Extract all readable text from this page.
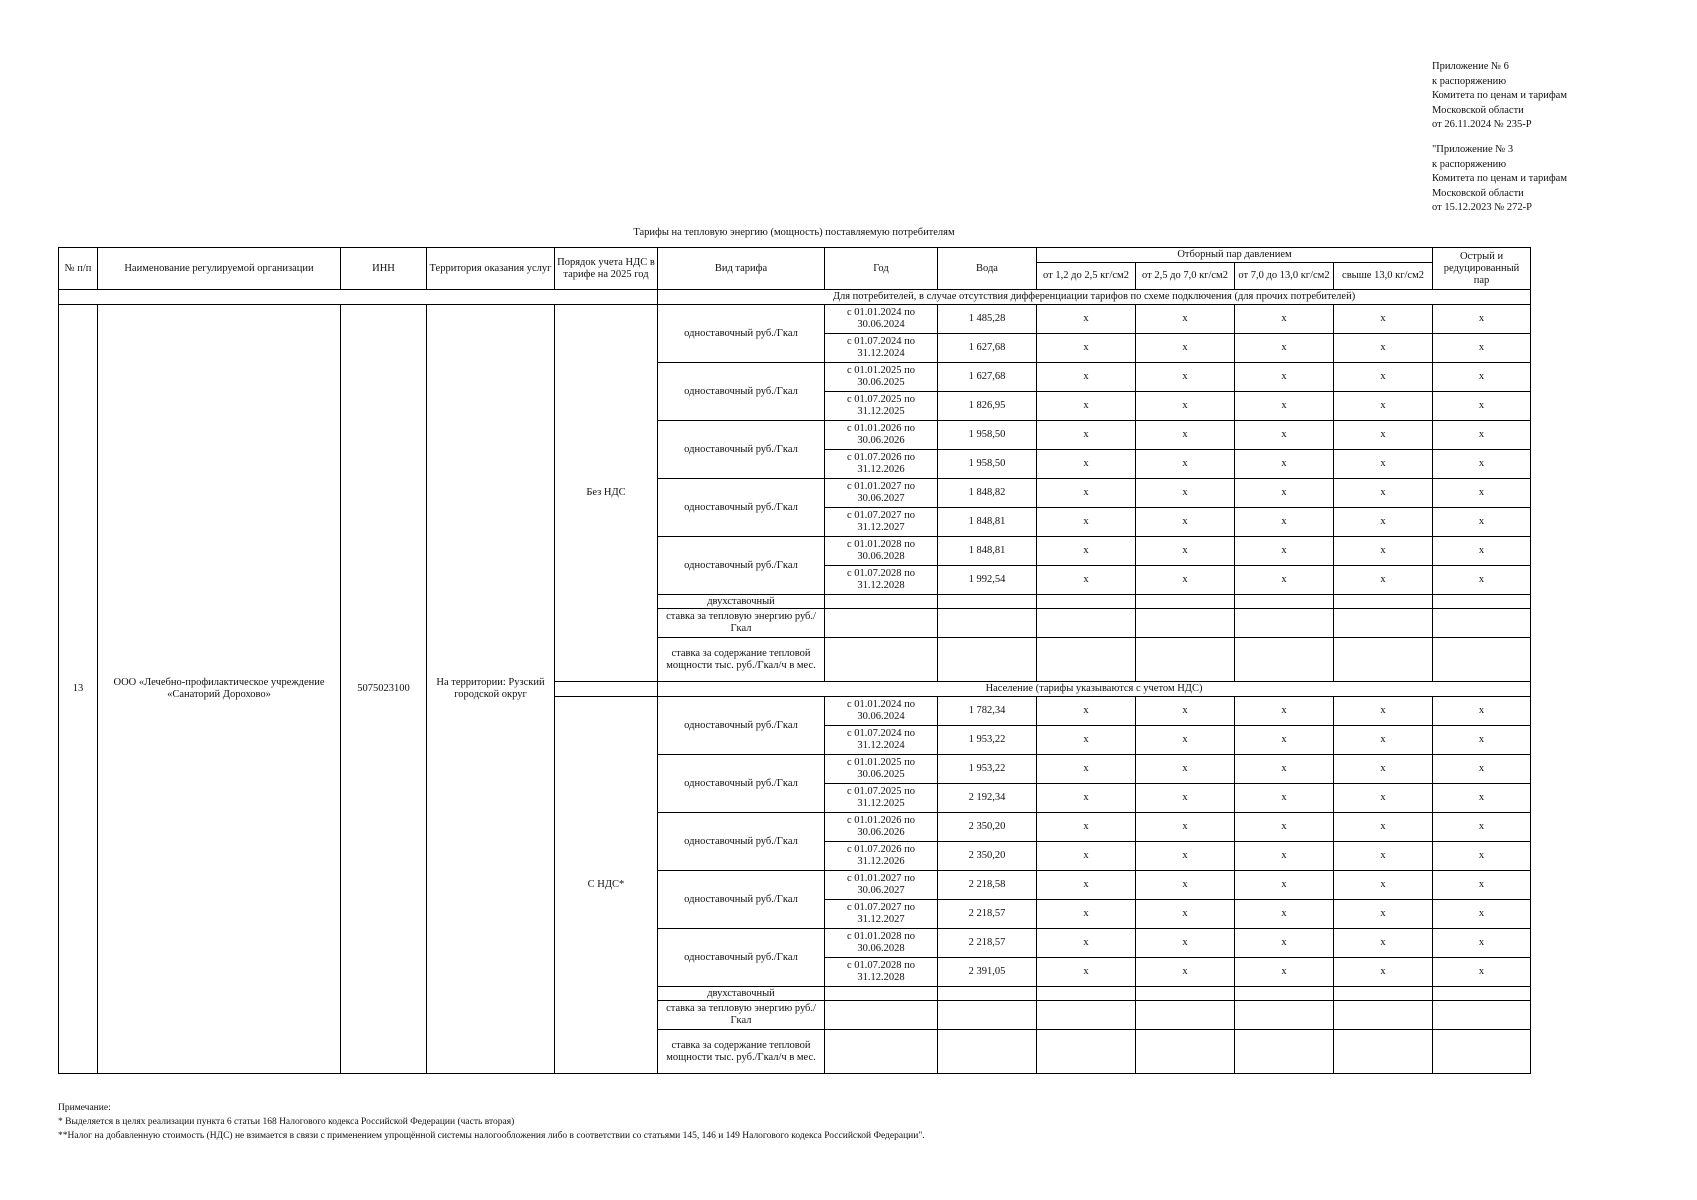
Приложение № 6
к распоряжению
Комитета по ценам и тарифам
Московской области
от 26.11.2024 № 235-Р
"Приложение № 3
к распоряжению
Комитета по ценам и тарифам
Московской области
от 15.12.2023 № 272-Р
Тарифы на тепловую энергию (мощность) поставляемую потребителям
№ п/п	Наименование регулируемой организации	ИНН	Территория оказания услуг	Порядок учета НДС в тарифе на 2025 год	Вид тарифа	Год	Вода	Отборный пар давлением				Острый и редуцированный пар
								от 1,2 до 2,5 кг/см2	от 2,5 до 7,0 кг/см2	от 7,0 до 13,0 кг/см2	свыше 13,0 кг/см2	
					Для потребителей, в случае отсутствия дифференциации тарифов по схеме подключения (для прочих потребителей)							
13	ООО «Лечебно-профилактическое учреждение «Санаторий Дорохово»	5075023100	На территории: Рузский городской округ	Без НДС	одноставочный руб./Гкал	с 01.01.2024 по 30.06.2024	1 485,28	x	x	x	x	x
						с 01.07.2024 по 31.12.2024	1 627,68	x	x	x	x	x
					одноставочный руб./Гкал	с 01.01.2025 по 30.06.2025	1 627,68	x	x	x	x	x
						с 01.07.2025 по 31.12.2025	1 826,95	x	x	x	x	x
					одноставочный руб./Гкал	с 01.01.2026 по 30.06.2026	1 958,50	x	x	x	x	x
						с 01.07.2026 по 31.12.2026	1 958,50	x	x	x	x	x
					одноставочный руб./Гкал	с 01.01.2027 по 30.06.2027	1 848,82	x	x	x	x	x
						с 01.07.2027 по 31.12.2027	1 848,81	x	x	x	x	x
					одноставочный руб./Гкал	с 01.01.2028 по 30.06.2028	1 848,81	x	x	x	x	x
						с 01.07.2028 по 31.12.2028	1 992,54	x	x	x	x	x
					двухставочный							
					ставка за тепловую энергию руб./Гкал							
					ставка за содержание тепловой мощности тыс. руб./Гкал/ч в мес.							
					Население (тарифы указываются с учетом НДС)							
				С НДС*	одноставочный руб./Гкал	с 01.01.2024 по 30.06.2024	1 782,34	x	x	x	x	x
						с 01.07.2024 по 31.12.2024	1 953,22	x	x	x	x	x
					одноставочный руб./Гкал	с 01.01.2025 по 30.06.2025	1 953,22	x	x	x	x	x
						с 01.07.2025 по 31.12.2025	2 192,34	x	x	x	x	x
					одноставочный руб./Гкал	с 01.01.2026 по 30.06.2026	2 350,20	x	x	x	x	x
						с 01.07.2026 по 31.12.2026	2 350,20	x	x	x	x	x
					одноставочный руб./Гкал	с 01.01.2027 по 30.06.2027	2 218,58	x	x	x	x	x
						с 01.07.2027 по 31.12.2027	2 218,57	x	x	x	x	x
					одноставочный руб./Гкал	с 01.01.2028 по 30.06.2028	2 218,57	x	x	x	x	x
						с 01.07.2028 по 31.12.2028	2 391,05	x	x	x	x	x
					двухставочный							
					ставка за тепловую энергию руб./Гкал							
					ставка за содержание тепловой мощности тыс. руб./Гкал/ч в мес.							
Примечание:
* Выделяется в целях реализации пункта 6 статьи 168 Налогового кодекса Российской Федерации (часть вторая)
**Налог на добавленную стоимость (НДС) не взимается в связи с применением упрощённой системы налогообложения либо в соответствии со статьями 145, 146 и 149 Налогового кодекса Российской Федерации".
